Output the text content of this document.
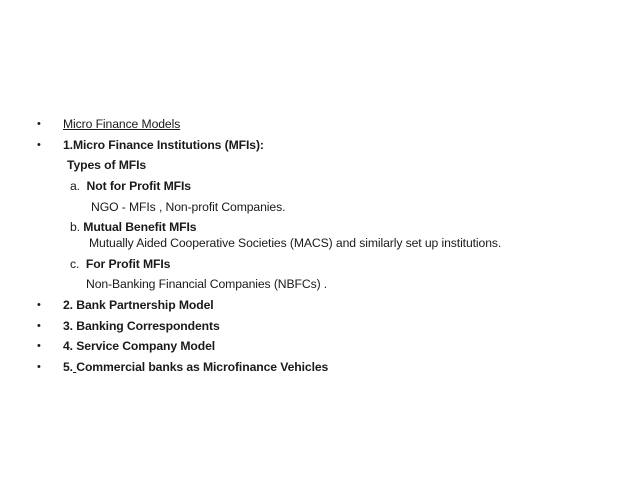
• Micro Finance Models
• 1.Micro Finance Institutions (MFIs):
Types of MFIs
a. Not for Profit MFIs
NGO - MFIs , Non-profit Companies.
b. Mutual Benefit MFIs
Mutually Aided Cooperative Societies (MACS) and similarly set up institutions.
c. For Profit MFIs
Non-Banking Financial Companies (NBFCs) .
• 2. Bank Partnership Model
• 3. Banking Correspondents
• 4. Service Company Model
• 5. Commercial banks as Microfinance Vehicles
